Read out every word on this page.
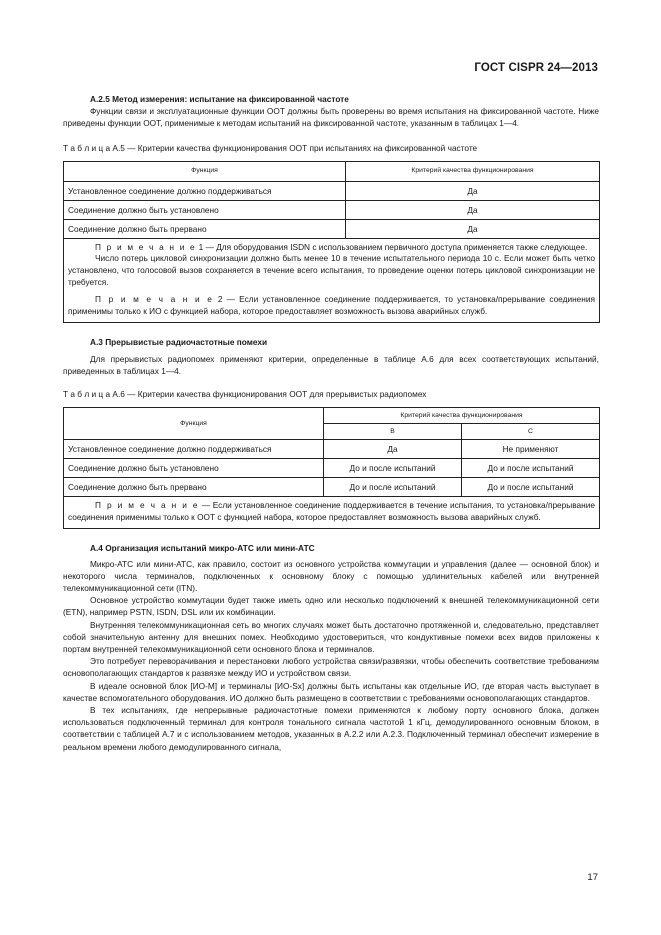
ГОСТ CISPR 24—2013

А.2.5 Метод измерения: испытание на фиксированной частоте

Функции связи и эксплуатационные функции ООТ должны быть проверены во время испытания на фиксированной частоте. Ниже приведены функции ООТ, применимые к методам испытаний на фиксированной частоте, указанным в таблицах 1—4.

Т а б л и ц а А.5 — Критерии качества функционирования ООТ при испытаниях на фиксированной частоте

Функция	Критерий качества функционирования
Установленное соединение должно поддерживаться	Да
Соединение должно быть установлено	Да
Соединение должно быть прервано	Да

П р и м е ч а н и е 1 — Для оборудования ISDN с использованием первичного доступа применяется также следующее.

Число потерь цикловой синхронизации должно быть менее 10 в течение испытательного периода 10 с. Если может быть четко установлено, что голосовой вызов сохраняется в течение всего испытания, то проведение оценки потерь цикловой синхронизации не требуется.

П р и м е ч а н и е 2 — Если установленное соединение поддерживается, то установка/прерывание соединения применимы только к ИО с функцией набора, которое предоставляет возможность вызова аварийных служб.	

А.3 Прерывистые радиочастотные помехи

Для прерывистых радиопомех применяют критерии, определенные в таблице А.6 для всех соответствующих испытаний, приведенных в таблицах 1—4.

Т а б л и ц а А.6 — Критерии качества функционирования ООТ для прерывистых радиопомех

Функция	Критерий качества функционирования	
	В	С
Установленное соединение должно поддерживаться	Да	Не применяют
Соединение должно быть установлено	До и после испытаний	До и после испытаний
Соединение должно быть прервано	До и после испытаний	До и после испытаний

П р и м е ч а н и е — Если установленное соединение поддерживается в течение испытания, то установка/прерывание соединения применимы только к ООТ с функцией набора, которое предоставляет возможность вызова аварийных служб.		

А.4 Организация испытаний микро-АТС или мини-АТС

Микро-АТС или мини-АТС, как правило, состоит из основного устройства коммутации и управления (далее — основной блок) и некоторого числа терминалов, подключенных к основному блоку с помощью удлинительных кабелей или внутренней телекоммуникационной сети (ITN).

Основное устройство коммутации будет также иметь одно или несколько подключений к внешней телекоммуникационной сети (ETN), например PSTN, ISDN, DSL или их комбинации.

Внутренняя телекоммуникационная сеть во многих случаях может быть достаточно протяженной и, следовательно, представляет собой значительную антенну для внешних помех. Необходимо удостовериться, что кондуктивные помехи всех видов приложены к портам внутренней телекоммуникационной сети основного блока и терминалов.

Это потребует переворачивания и перестановки любого устройства связи/развязки, чтобы обеспечить соответствие требованиям основополагающих стандартов к развязке между ИО и устройством связи.

В идеале основной блок [ИО-М] и терминалы [ИО-Sx] должны быть испытаны как отдельные ИО, где вторая часть выступает в качестве вспомогательного оборудования. ИО должно быть размещено в соответствии с требованиями основополагающих стандартов.

В тех испытаниях, где непрерывные радиочастотные помехи применяются к любому порту основного блока, должен использоваться подключенный терминал для контроля тонального сигнала частотой 1 кГц, демодулированного основным блоком, в соответствии с таблицей А.7 и с использованием методов, указанных в А.2.2 или А.2.3. Подключенный терминал обеспечит измерение в реальном времени любого демодулированного сигнала,

17
